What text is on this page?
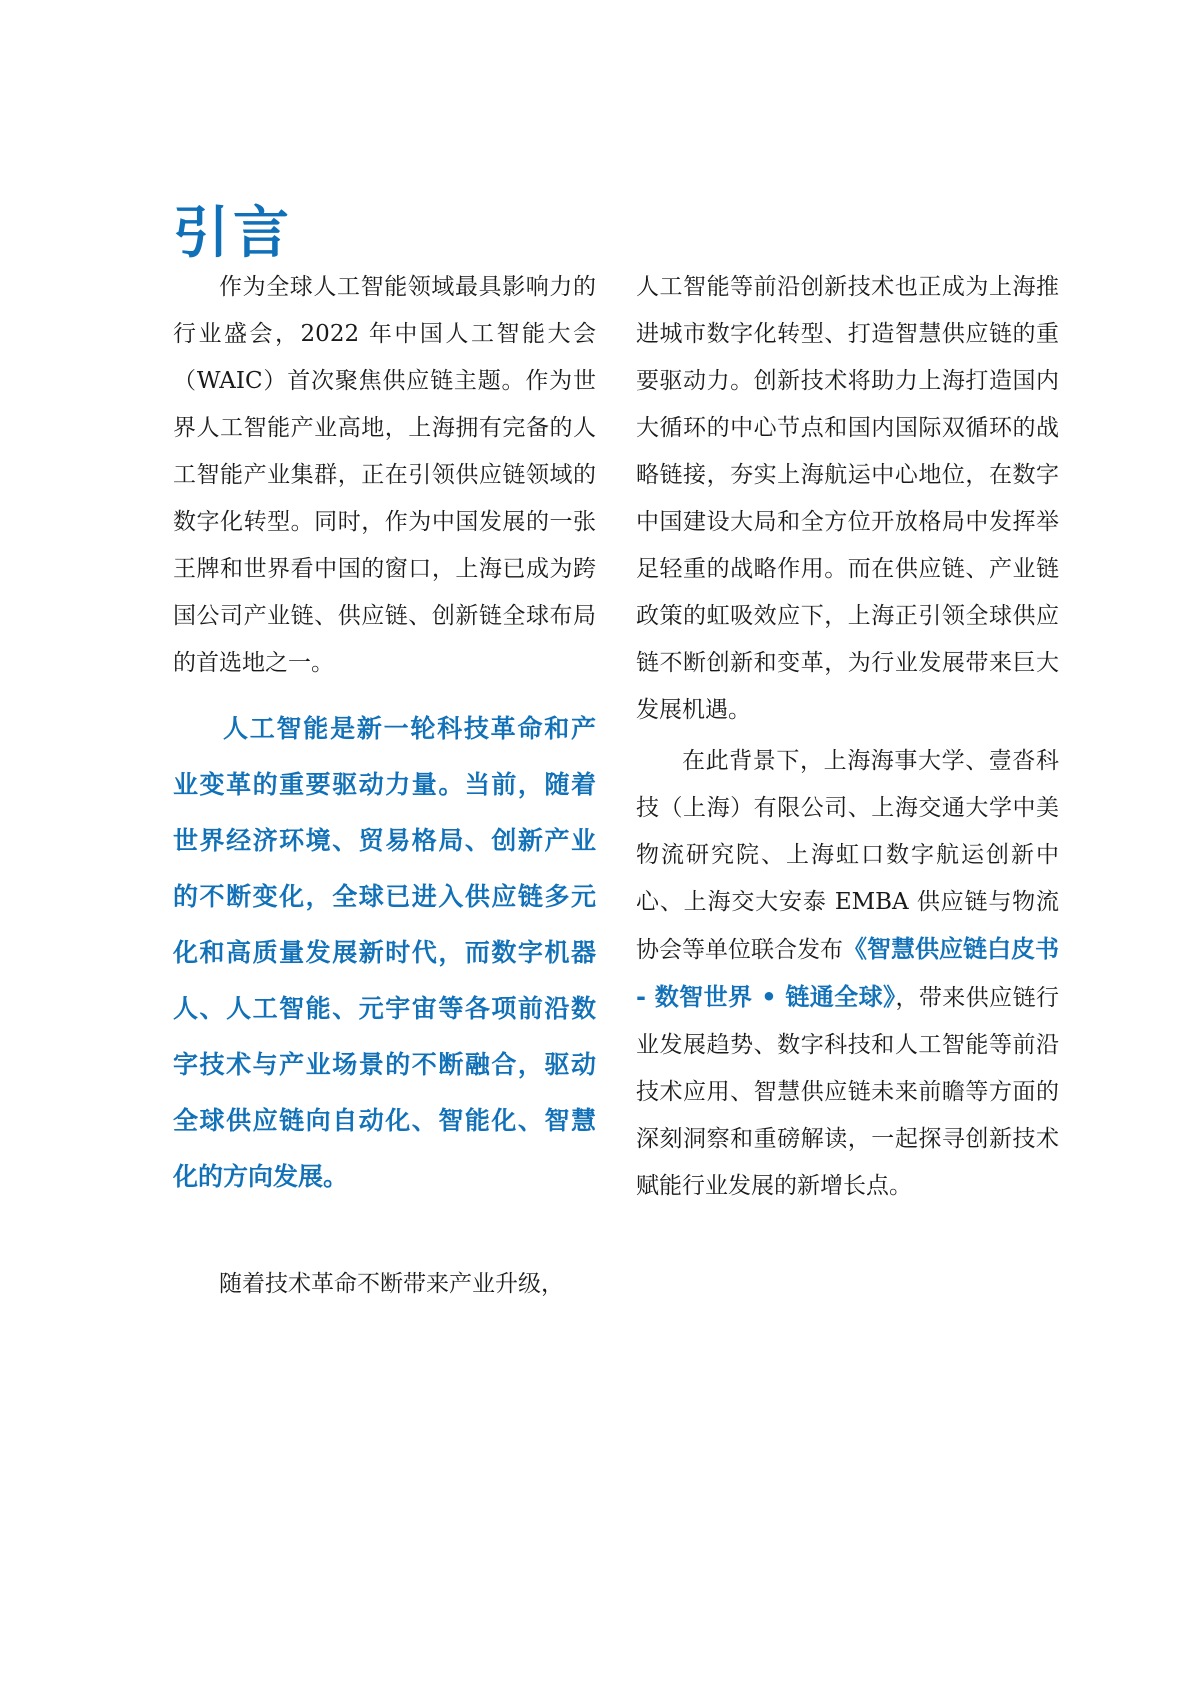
引言

作为全球人工智能领域最具影响力的行业盛会，2022 年中国人工智能大会（WAIC）首次聚焦供应链主题。作为世界人工智能产业高地，上海拥有完备的人工智能产业集群，正在引领供应链领域的数字化转型。同时，作为中国发展的一张王牌和世界看中国的窗口，上海已成为跨国公司产业链、供应链、创新链全球布局的首选地之一。

人工智能是新一轮科技革命和产业变革的重要驱动力量。当前，随着世界经济环境、贸易格局、创新产业的不断变化，全球已进入供应链多元化和高质量发展新时代，而数字机器人、人工智能、元宇宙等各项前沿数字技术与产业场景的不断融合，驱动全球供应链向自动化、智能化、智慧化的方向发展。

随着技术革命不断带来产业升级，

人工智能等前沿创新技术也正成为上海推进城市数字化转型、打造智慧供应链的重要驱动力。创新技术将助力上海打造国内大循环的中心节点和国内国际双循环的战略链接，夯实上海航运中心地位，在数字中国建设大局和全方位开放格局中发挥举足轻重的战略作用。而在供应链、产业链政策的虹吸效应下，上海正引领全球供应链不断创新和变革，为行业发展带来巨大发展机遇。

在此背景下，上海海事大学、壹沓科技（上海）有限公司、上海交通大学中美物流研究院、上海虹口数字航运创新中心、上海交大安泰 EMBA 供应链与物流协会等单位联合发布《智慧供应链白皮书 - 数智世界 • 链通全球》，带来供应链行业发展趋势、数字科技和人工智能等前沿技术应用、智慧供应链未来前瞻等方面的深刻洞察和重磅解读，一起探寻创新技术赋能行业发展的新增长点。
